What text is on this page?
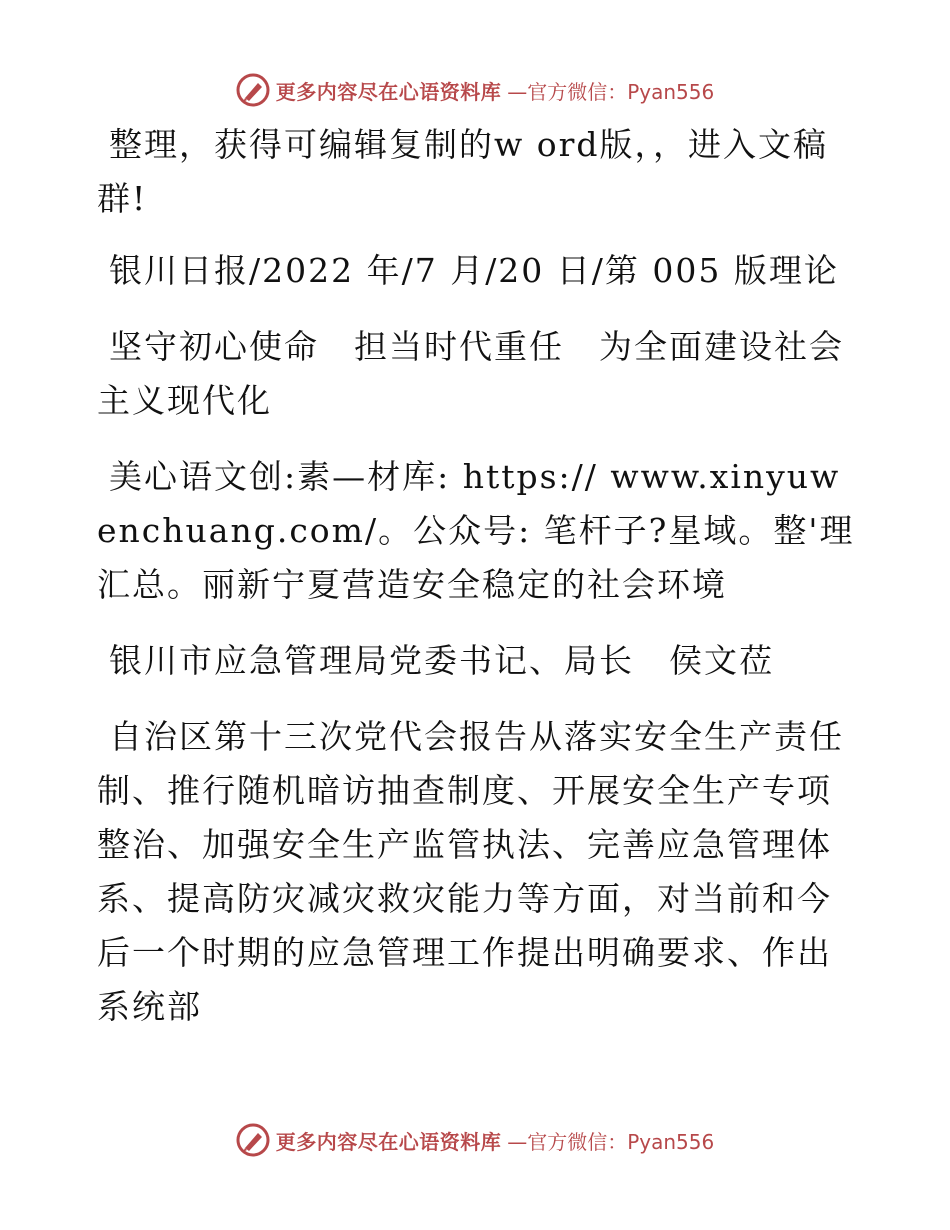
更多内容尽在心语资料库 —官方微信：Pyan556

整理，获得可编辑复制的w ord版，，进入文稿群!

银川日报/2022 年/7 月/20 日/第 005 版理论

坚守初心使命　担当时代重任　为全面建设社会主义现代化

美心语文创:素—材库: https:// www.xinyuwenchuang.com/。公众号: 笔杆子?星域。整'理汇总。丽新宁夏营造安全稳定的社会环境

银川市应急管理局党委书记、局长　侯文莅

自治区第十三次党代会报告从落实安全生产责任制、推行随机暗访抽查制度、开展安全生产专项整治、加强安全生产监管执法、完善应急管理体系、提高防灾减灾救灾能力等方面，对当前和今后一个时期的应急管理工作提出明确要求、作出系统部

更多内容尽在心语资料库 —官方微信：Pyan556
